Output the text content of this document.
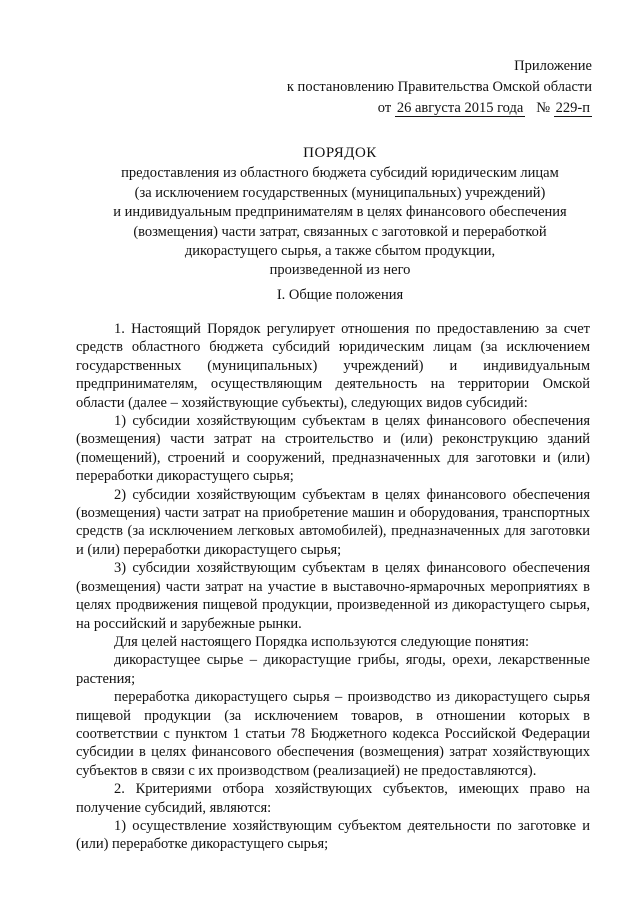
Приложение
к постановлению Правительства Омской области
от 26 августа 2015 года № 229-п
ПОРЯДОК
предоставления из областного бюджета субсидий юридическим лицам
(за исключением государственных (муниципальных) учреждений)
и индивидуальным предпринимателям в целях финансового обеспечения
(возмещения) части затрат, связанных с заготовкой и переработкой
дикорастущего сырья, а также сбытом продукции,
произведенной из него
I. Общие положения

1. Настоящий Порядок регулирует отношения по предоставлению за счет средств областного бюджета субсидий юридическим лицам (за исключением государственных (муниципальных) учреждений) и индивидуальным предпринимателям, осуществляющим деятельность на территории Омской области (далее – хозяйствующие субъекты), следующих видов субсидий:

1) субсидии хозяйствующим субъектам в целях финансового обеспечения (возмещения) части затрат на строительство и (или) реконструкцию зданий (помещений), строений и сооружений, предназначенных для заготовки и (или) переработки дикорастущего сырья;

2) субсидии хозяйствующим субъектам в целях финансового обеспечения (возмещения) части затрат на приобретение машин и оборудования, транспортных средств (за исключением легковых автомобилей), предназначенных для заготовки и (или) переработки дикорастущего сырья;

3) субсидии хозяйствующим субъектам в целях финансового обеспечения (возмещения) части затрат на участие в выставочно-ярмарочных мероприятиях в целях продвижения пищевой продукции, произведенной из дикорастущего сырья, на российский и зарубежные рынки.

Для целей настоящего Порядка используются следующие понятия:

дикорастущее сырье – дикорастущие грибы, ягоды, орехи, лекарственные растения;

переработка дикорастущего сырья – производство из дикорастущего сырья пищевой продукции (за исключением товаров, в отношении которых в соответствии с пунктом 1 статьи 78 Бюджетного кодекса Российской Федерации субсидии в целях финансового обеспечения (возмещения) затрат хозяйствующих субъектов в связи с их производством (реализацией) не предоставляются).

2. Критериями отбора хозяйствующих субъектов, имеющих право на получение субсидий, являются:

1) осуществление хозяйствующим субъектом деятельности по заготовке и (или) переработке дикорастущего сырья;
